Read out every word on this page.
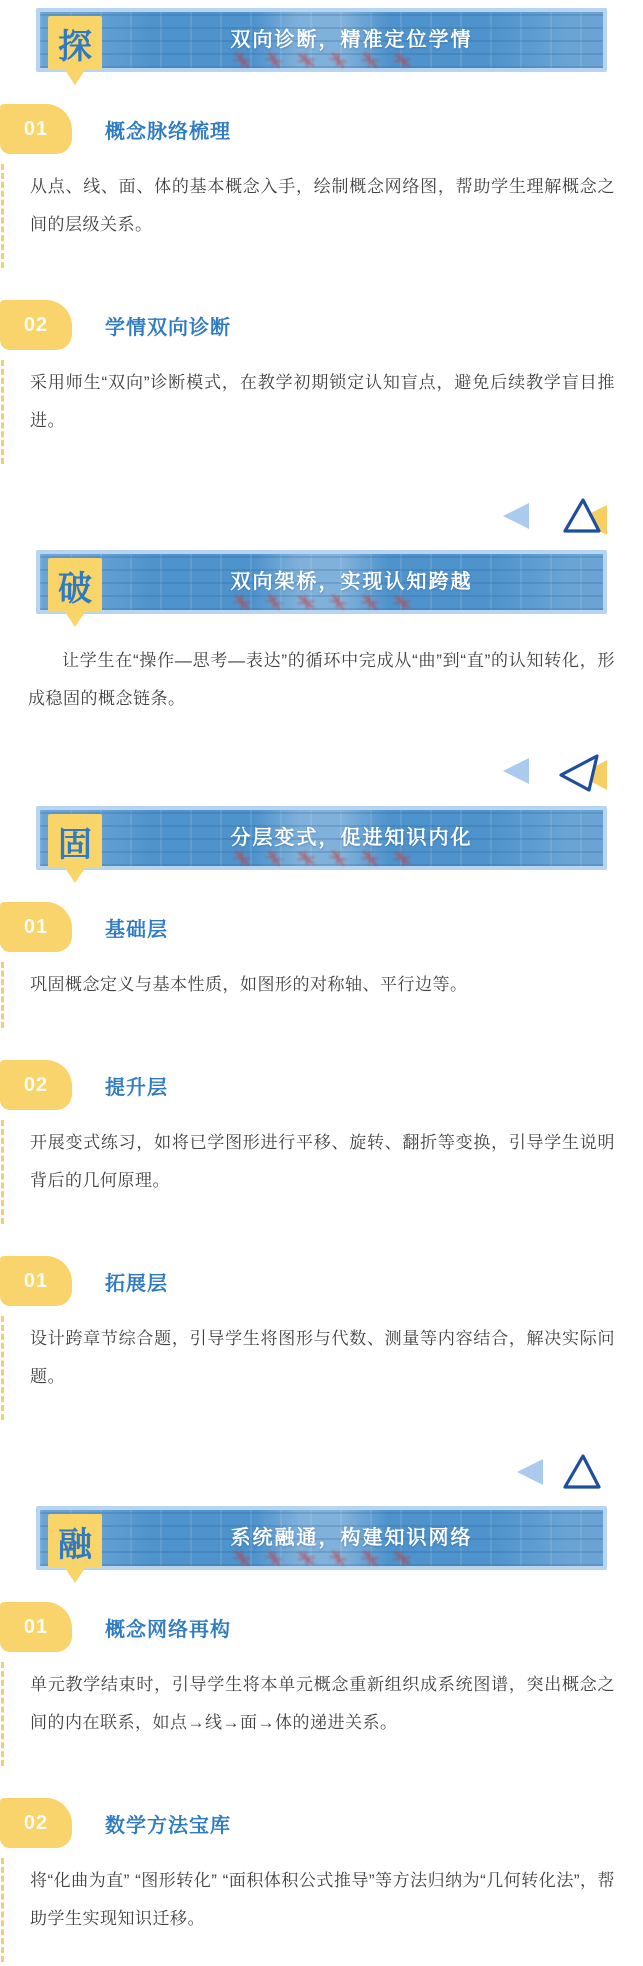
探	双向诊断，精准定位学情
01	概念脉络梳理

从点、线、面、体的基本概念入手，绘制概念网络图，帮助学生理解概念之间的层级关系。

02	学情双向诊断

采用师生“双向”诊断模式，在教学初期锁定认知盲点，避免后续教学盲目推进。

破	双向架桥，实现认知跨越

让学生在“操作—思考—表达”的循环中完成从“曲”到“直”的认知转化，形成稳固的概念链条。

固	分层变式，促进知识内化
01	基础层

巩固概念定义与基本性质，如图形的对称轴、平行边等。

02	提升层

开展变式练习，如将已学图形进行平移、旋转、翻折等变换，引导学生说明背后的几何原理。

01	拓展层

设计跨章节综合题，引导学生将图形与代数、测量等内容结合，解决实际问题。

融	系统融通，构建知识网络
01	概念网络再构

单元教学结束时，引导学生将本单元概念重新组织成系统图谱，突出概念之间的内在联系，如点→线→面→体的递进关系。

02	数学方法宝库

将“化曲为直” “图形转化” “面积体积公式推导”等方法归纳为“几何转化法”，帮助学生实现知识迁移。
